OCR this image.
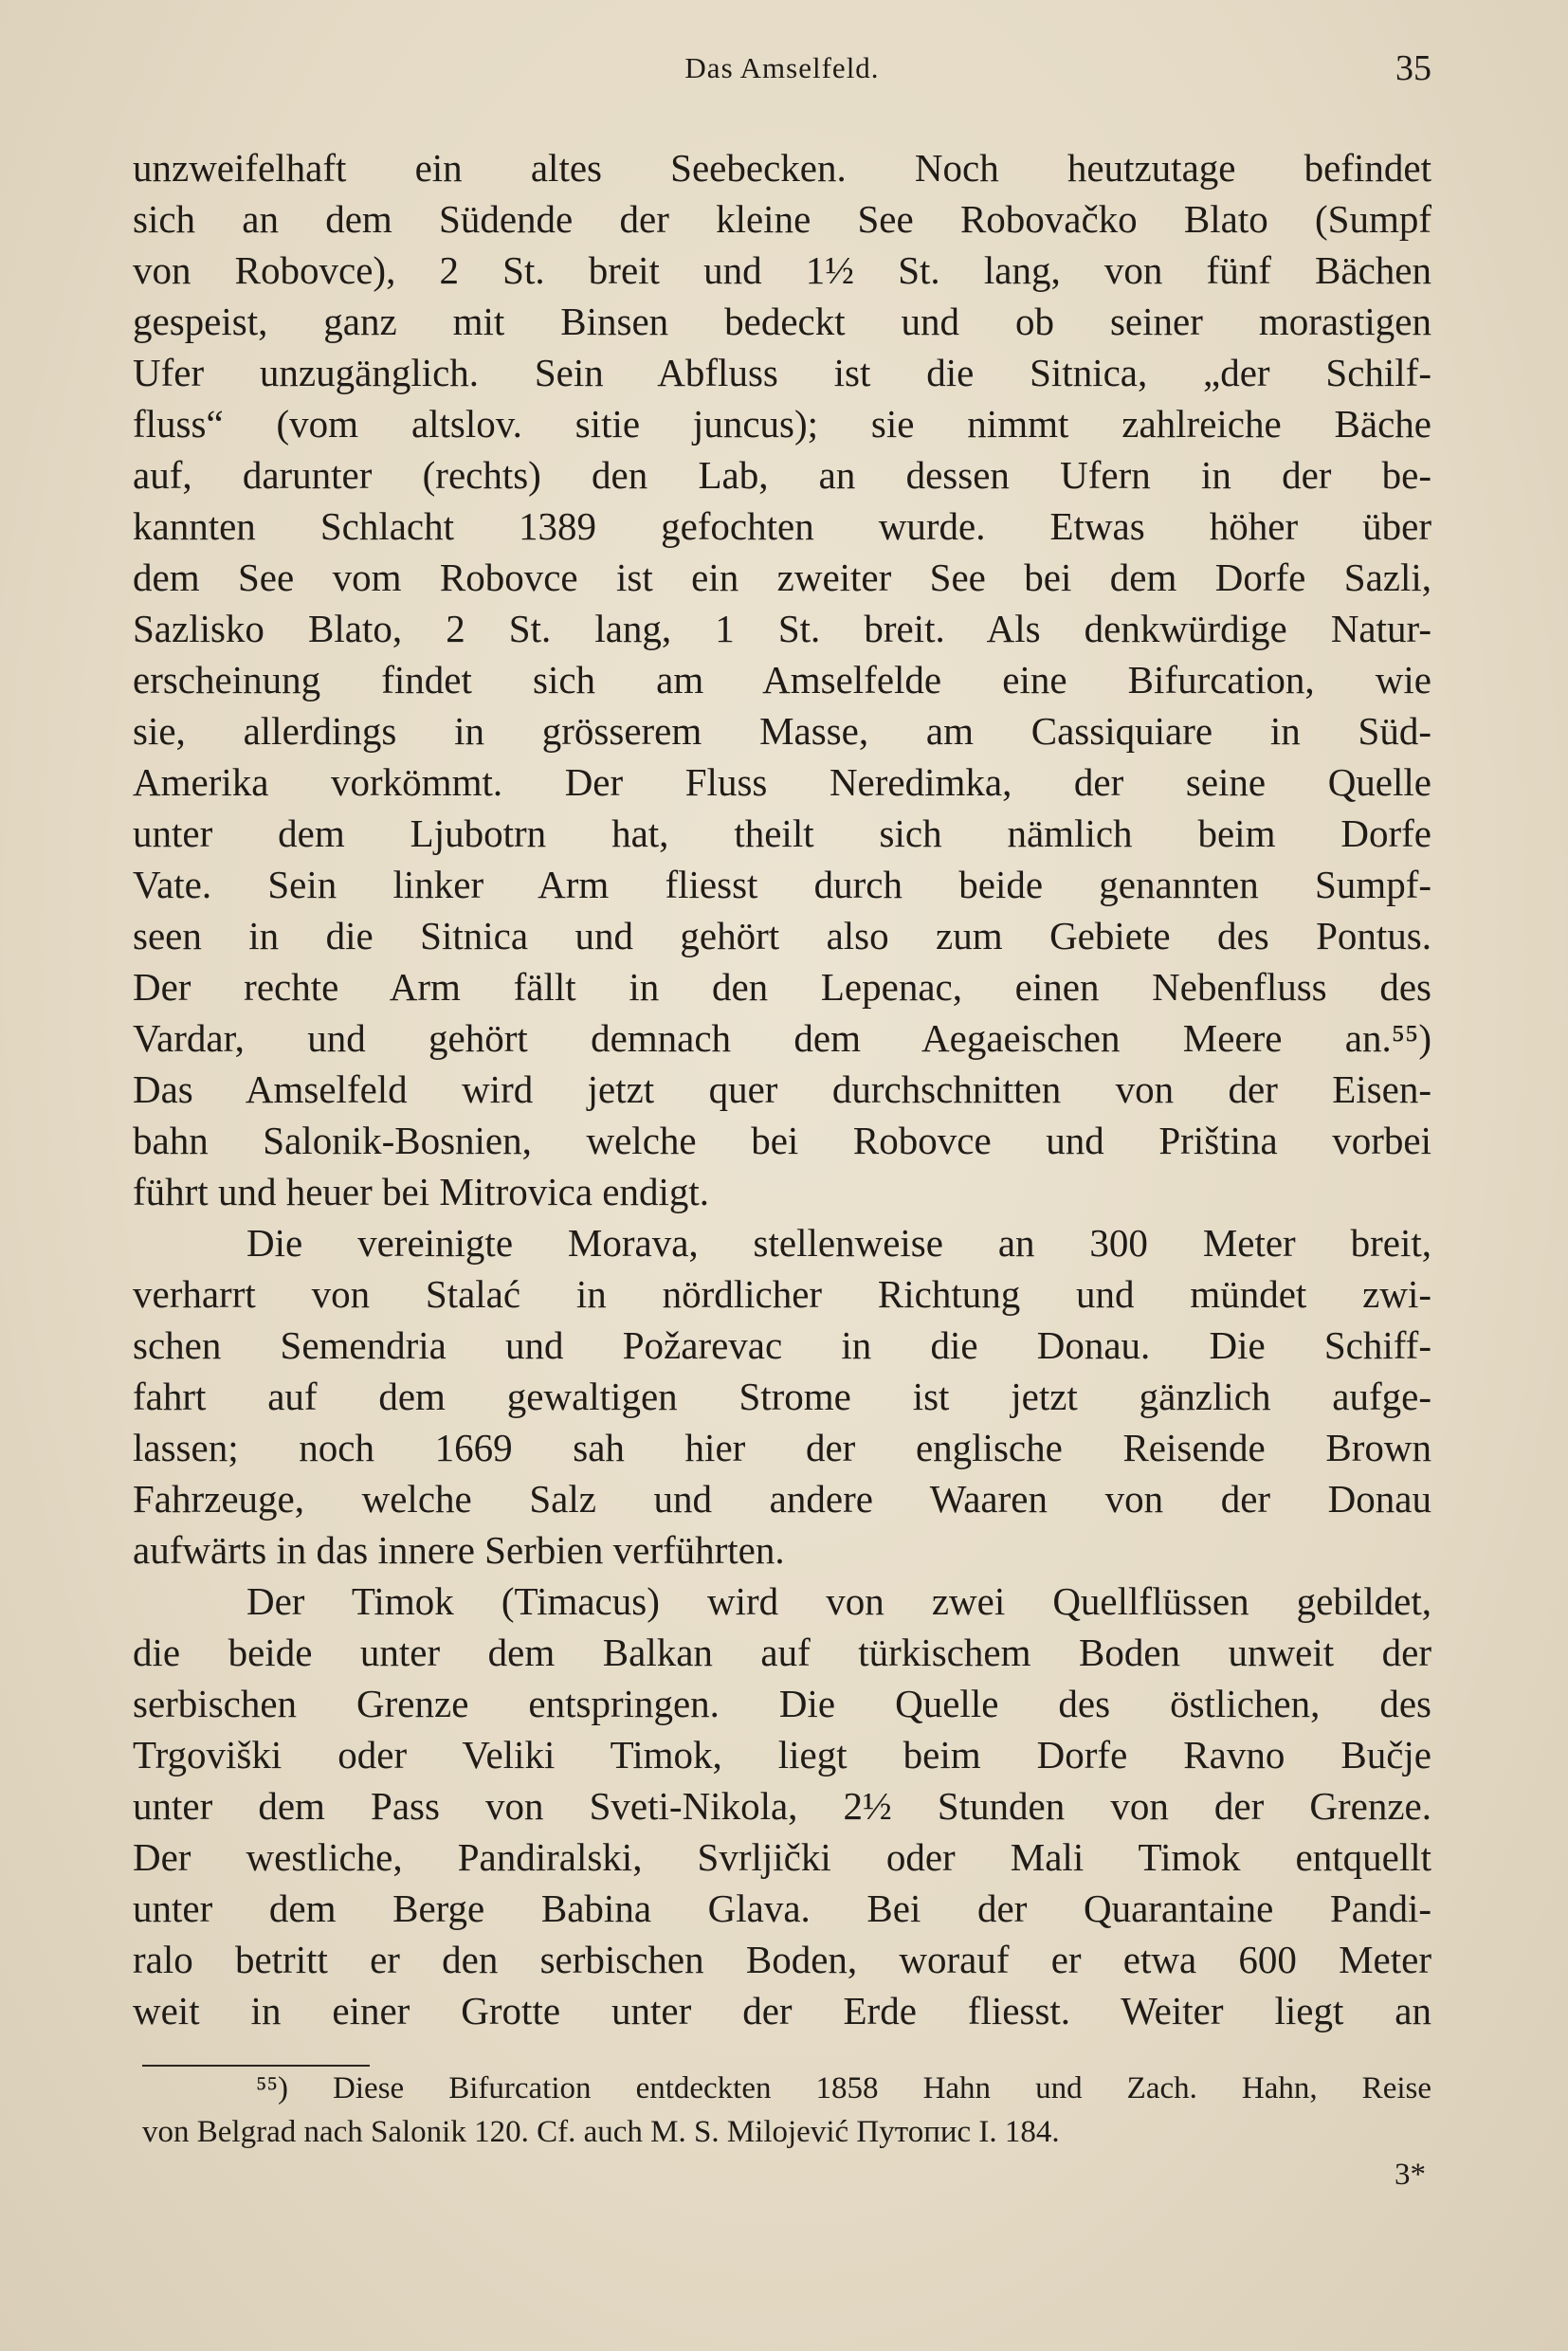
Das Amselfeld.	35
unzweifelhaft ein altes Seebecken. Noch heutzutage befindet
sich an dem Südende der kleine See Robovačko Blato (Sumpf
von Robovce), 2 St. breit und 1½ St. lang, von fünf Bächen
gespeist, ganz mit Binsen bedeckt und ob seiner morastigen
Ufer unzugänglich. Sein Abfluss ist die Sitnica, „der Schilf-
fluss“ (vom altslov. sitie juncus); sie nimmt zahlreiche Bäche
auf, darunter (rechts) den Lab, an dessen Ufern in der be-
kannten Schlacht 1389 gefochten wurde. Etwas höher über
dem See vom Robovce ist ein zweiter See bei dem Dorfe Sazli,
Sazlisko Blato, 2 St. lang, 1 St. breit. Als denkwürdige Natur-
erscheinung findet sich am Amselfelde eine Bifurcation, wie
sie, allerdings in grösserem Masse, am Cassiquiare in Süd-
Amerika vorkömmt. Der Fluss Neredimka, der seine Quelle
unter dem Ljubotrn hat, theilt sich nämlich beim Dorfe
Vate. Sein linker Arm fliesst durch beide genannten Sumpf-
seen in die Sitnica und gehört also zum Gebiete des Pontus.
Der rechte Arm fällt in den Lepenac, einen Nebenfluss des
Vardar, und gehört demnach dem Aegaeischen Meere an.⁵⁵)
Das Amselfeld wird jetzt quer durchschnitten von der Eisen-
bahn Salonik-Bosnien, welche bei Robovce und Priština vorbei
führt und heuer bei Mitrovica endigt.
Die vereinigte Morava, stellenweise an 300 Meter breit,
verharrt von Stalać in nördlicher Richtung und mündet zwi-
schen Semendria und Požarevac in die Donau. Die Schiff-
fahrt auf dem gewaltigen Strome ist jetzt gänzlich aufge-
lassen; noch 1669 sah hier der englische Reisende Brown
Fahrzeuge, welche Salz und andere Waaren von der Donau
aufwärts in das innere Serbien verführten.
Der Timok (Timacus) wird von zwei Quellflüssen gebildet,
die beide unter dem Balkan auf türkischem Boden unweit der
serbischen Grenze entspringen. Die Quelle des östlichen, des
Trgoviški oder Veliki Timok, liegt beim Dorfe Ravno Bučje
unter dem Pass von Sveti-Nikola, 2½ Stunden von der Grenze.
Der westliche, Pandiralski, Svrljički oder Mali Timok entquellt
unter dem Berge Babina Glava. Bei der Quarantaine Pandi-
ralo betritt er den serbischen Boden, worauf er etwa 600 Meter
weit in einer Grotte unter der Erde fliesst. Weiter liegt an
⁵⁵) Diese Bifurcation entdeckten 1858 Hahn und Zach. Hahn, Reise
von Belgrad nach Salonik 120. Cf. auch M. S. Milojević Путопис I. 184.
3*
